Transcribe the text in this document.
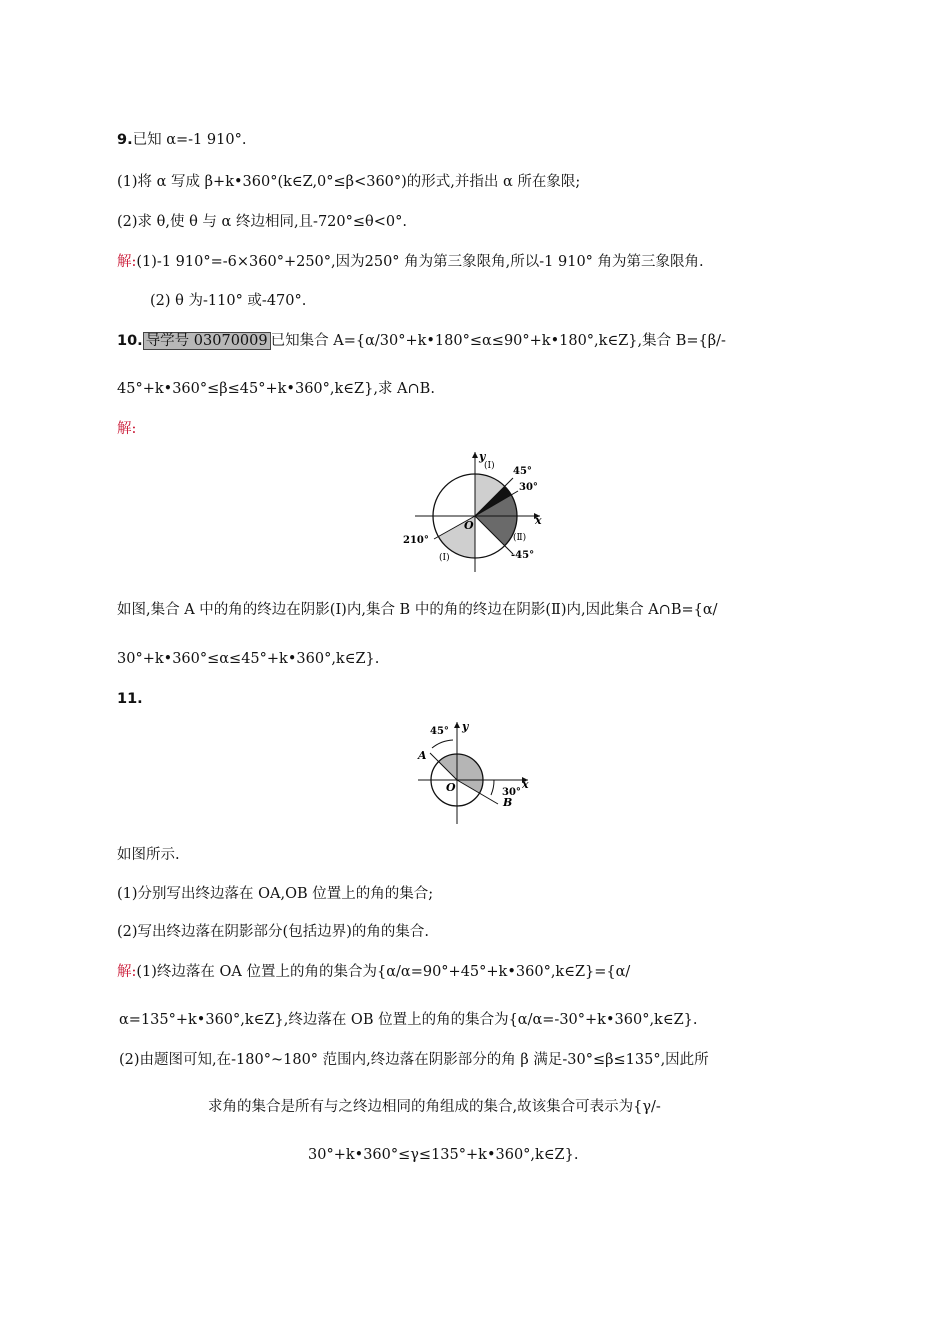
9.已知 α=-1 910°.
(1)将 α 写成 β+k•360°(k∈Z,0°≤β<360°)的形式,并指出 α 所在象限;
(2)求 θ,使 θ 与 α 终边相同,且-720°≤θ<0°.
解:(1)-1 910°=-6×360°+250°,因为250° 角为第三象限角,所以-1 910° 角为第三象限角.
(2) θ 为-110° 或-470°.
10. 导学号 03070009 已知集合 A={α/30°+k•180°≤α≤90°+k•180°,k∈Z},集合 B={β/-
45°+k•360°≤β≤45°+k•360°,k∈Z},求 A∩B.
解:
y
x
O
(Ⅰ)
(Ⅰ)
(Ⅱ)
45°
30°
210°
-45°
如图,集合 A 中的角的终边在阴影(Ⅰ)内,集合 B 中的角的终边在阴影(Ⅱ)内,因此集合 A∩B={α/
30°+k•360°≤α≤45°+k•360°,k∈Z}.
11.
y
x
O
A
B
45°
30°
如图所示.
(1)分别写出终边落在 OA,OB 位置上的角的集合;
(2)写出终边落在阴影部分(包括边界)的角的集合.
解:(1)终边落在 OA 位置上的角的集合为{α/α=90°+45°+k•360°,k∈Z}={α/
α=135°+k•360°,k∈Z},终边落在 OB 位置上的角的集合为{α/α=-30°+k•360°,k∈Z}.
(2)由题图可知,在-180°~180° 范围内,终边落在阴影部分的角 β 满足-30°≤β≤135°,因此所
求角的集合是所有与之终边相同的角组成的集合,故该集合可表示为{γ/-
30°+k•360°≤γ≤135°+k•360°,k∈Z}.
